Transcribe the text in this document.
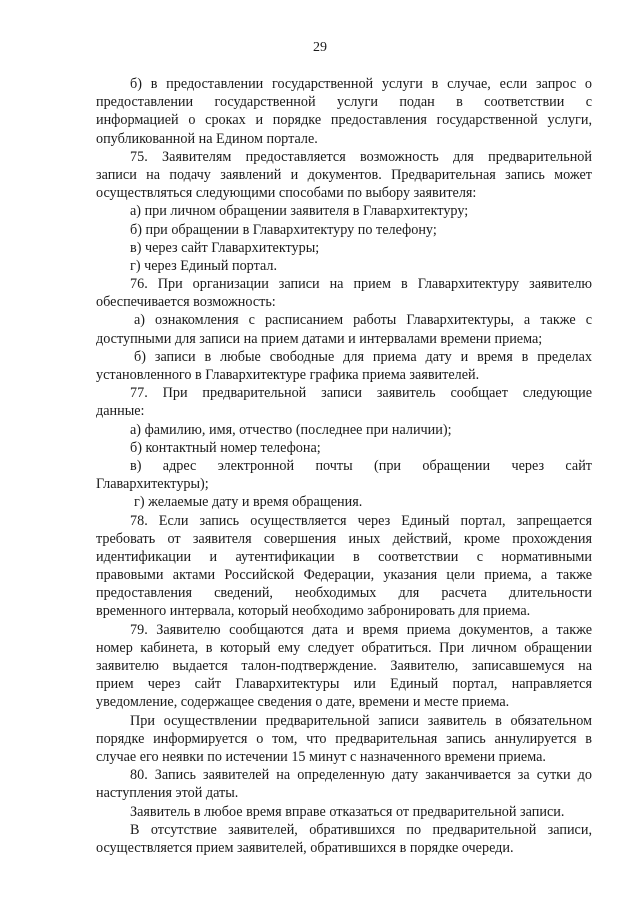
29
б) в предоставлении государственной услуги в случае, если запрос о
предоставлении государственной услуги подан в соответствии с
информацией о сроках и порядке предоставления государственной услуги,
опубликованной на Едином портале.
75. Заявителям предоставляется возможность для предварительной
записи на подачу заявлений и документов. Предварительная запись может
осуществляться следующими способами по выбору заявителя:
а) при личном обращении заявителя в Главархитектуру;
б) при обращении в Главархитектуру по телефону;
в) через сайт Главархитектуры;
г) через Единый портал.
76. При организации записи на прием в Главархитектуру заявителю
обеспечивается возможность:
а) ознакомления с расписанием работы Главархитектуры, а также с
доступными для записи на прием датами и интервалами времени приема;
б) записи в любые свободные для приема дату и время в пределах
установленного в Главархитектуре графика приема заявителей.
77. При предварительной записи заявитель сообщает следующие
данные:
а) фамилию, имя, отчество (последнее при наличии);
б) контактный номер телефона;
в) адрес электронной почты (при обращении через сайт
Главархитектуры);
г) желаемые дату и время обращения.
78. Если запись осуществляется через Единый портал, запрещается
требовать от заявителя совершения иных действий, кроме прохождения
идентификации и аутентификации в соответствии с нормативными
правовыми актами Российской Федерации, указания цели приема, а также
предоставления сведений, необходимых для расчета длительности
временного интервала, который необходимо забронировать для приема.
79. Заявителю сообщаются дата и время приема документов, а также
номер кабинета, в который ему следует обратиться. При личном обращении
заявителю выдается талон-подтверждение. Заявителю, записавшемуся на
прием через сайт Главархитектуры или Единый портал, направляется
уведомление, содержащее сведения о дате, времени и месте приема.
При осуществлении предварительной записи заявитель в обязательном
порядке информируется о том, что предварительная запись аннулируется в
случае его неявки по истечении 15 минут с назначенного времени приема.
80. Запись заявителей на определенную дату заканчивается за сутки до
наступления этой даты.
Заявитель в любое время вправе отказаться от предварительной записи.
В отсутствие заявителей, обратившихся по предварительной записи,
осуществляется прием заявителей, обратившихся в порядке очереди.
